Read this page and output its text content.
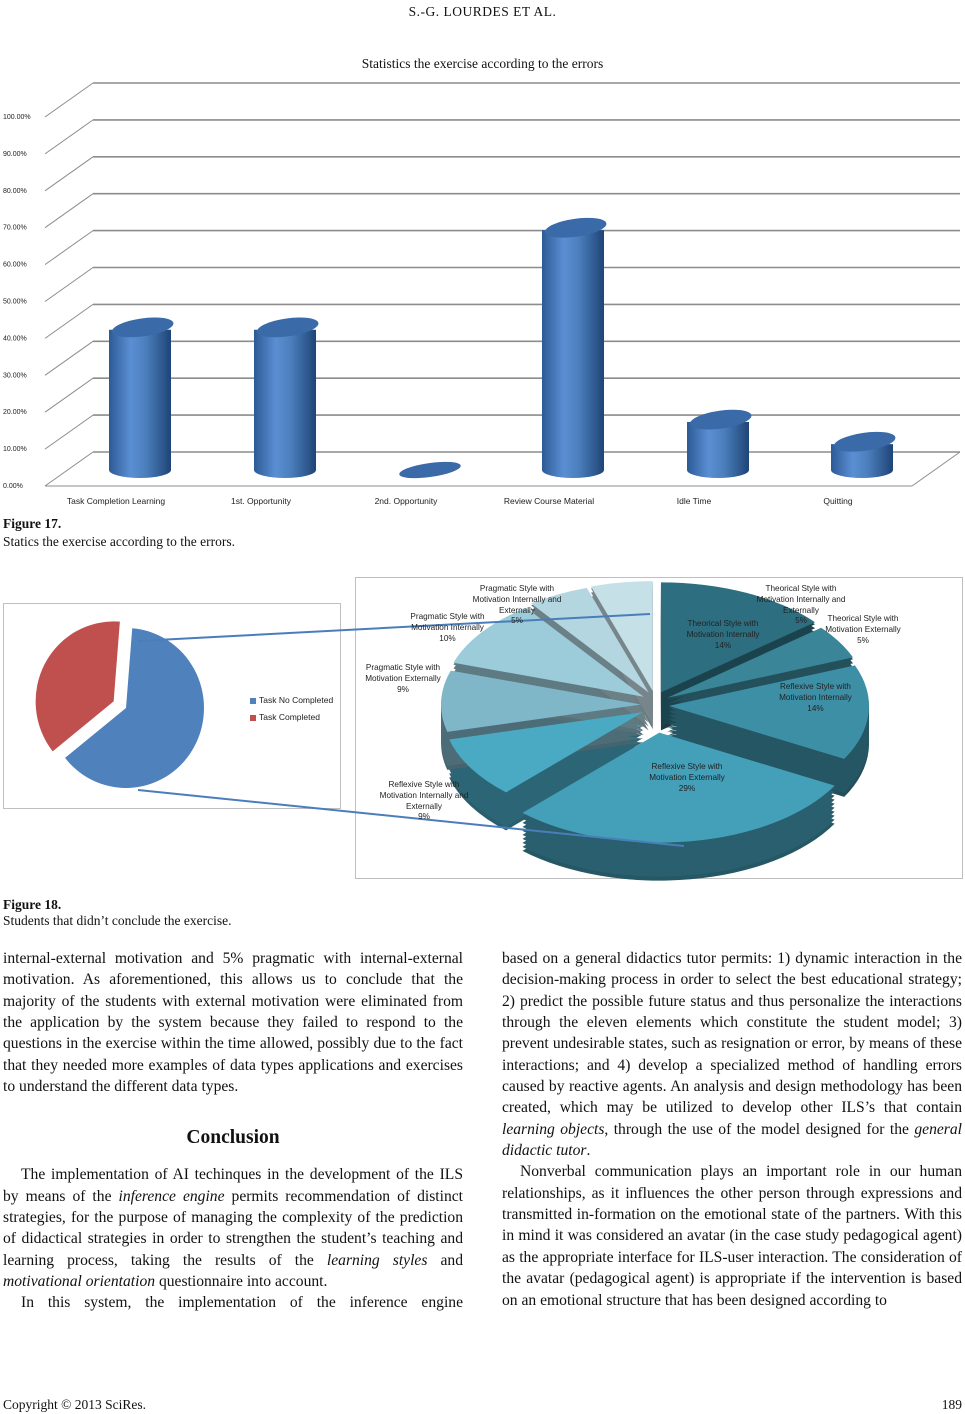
S.-G. LOURDES ET AL.
Statistics the exercise according to the errors
0.00%
10.00%
20.00%
30.00%
40.00%
50.00%
60.00%
70.00%
80.00%
90.00%
100.00%
Task Completion Learning	1st. Opportunity	2nd. Opportunity	Review Course Material	Idle Time	Quitting
Figure 17.
Statics the exercise according to the errors.
Task No Completed
Task Completed
Theorical Style with Motivation Internally
14%
Theorical Style with Motivation Externally
5%
Reflexive Style with Motivation Internally
14%
Reflexive Style with Motivation Externally
29%
Reflexive Style with Motivation Internally and Externally
9%
Pragmatic Style with Motivation Externally
9%
Pragmatic Style with Motivation Internally
10%
Pragmatic Style with Motivation Internally and Externally
5%
Theorical Style with Motivation Internally and Externally
5%
Figure 18.
Students that didn’t conclude the exercise.

internal-external motivation and 5% pragmatic with internal-external motivation. As aforementioned, this allows us to conclude that the majority of the students with external motivation were eliminated from the application by the system because they failed to respond to the questions in the exercise within the time allowed, possibly due to the fact that they needed more examples of data types applications and exercises to understand the different data types.

Conclusion

The implementation of AI techinques in the development of the ILS by means of the inference engine permits recommendation of distinct strategies, for the purpose of managing the complexity of the prediction of didactical strategies in order to strengthen the student’s teaching and learning process, taking the results of the learning styles and motivational orientation questionnaire into account.

In this system, the implementation of the inference engine

based on a general didactics tutor permits: 1) dynamic interaction in the decision-making process in order to select the best educational strategy; 2) predict the possible future status and thus personalize the interactions through the eleven elements which constitute the student model; 3) prevent undesirable states, such as resignation or error, by means of these interactions; and 4) develop a specialized method of handling errors caused by reactive agents. An analysis and design methodology has been created, which may be utilized to develop other ILS’s that contain learning objects, through the use of the model designed for the general didactic tutor.

Nonverbal communication plays an important role in our human relationships, as it influences the other person through expressions and transmitted in-formation on the emotional state of the partners. With this in mind it was considered an avatar (in the case study pedagogical agent) as the appropriate interface for ILS-user interaction. The consideration of the avatar (pedagogical agent) is appropriate if the intervention is based on an emotional structure that has been designed according to

Copyright © 2013 SciRes.	189
